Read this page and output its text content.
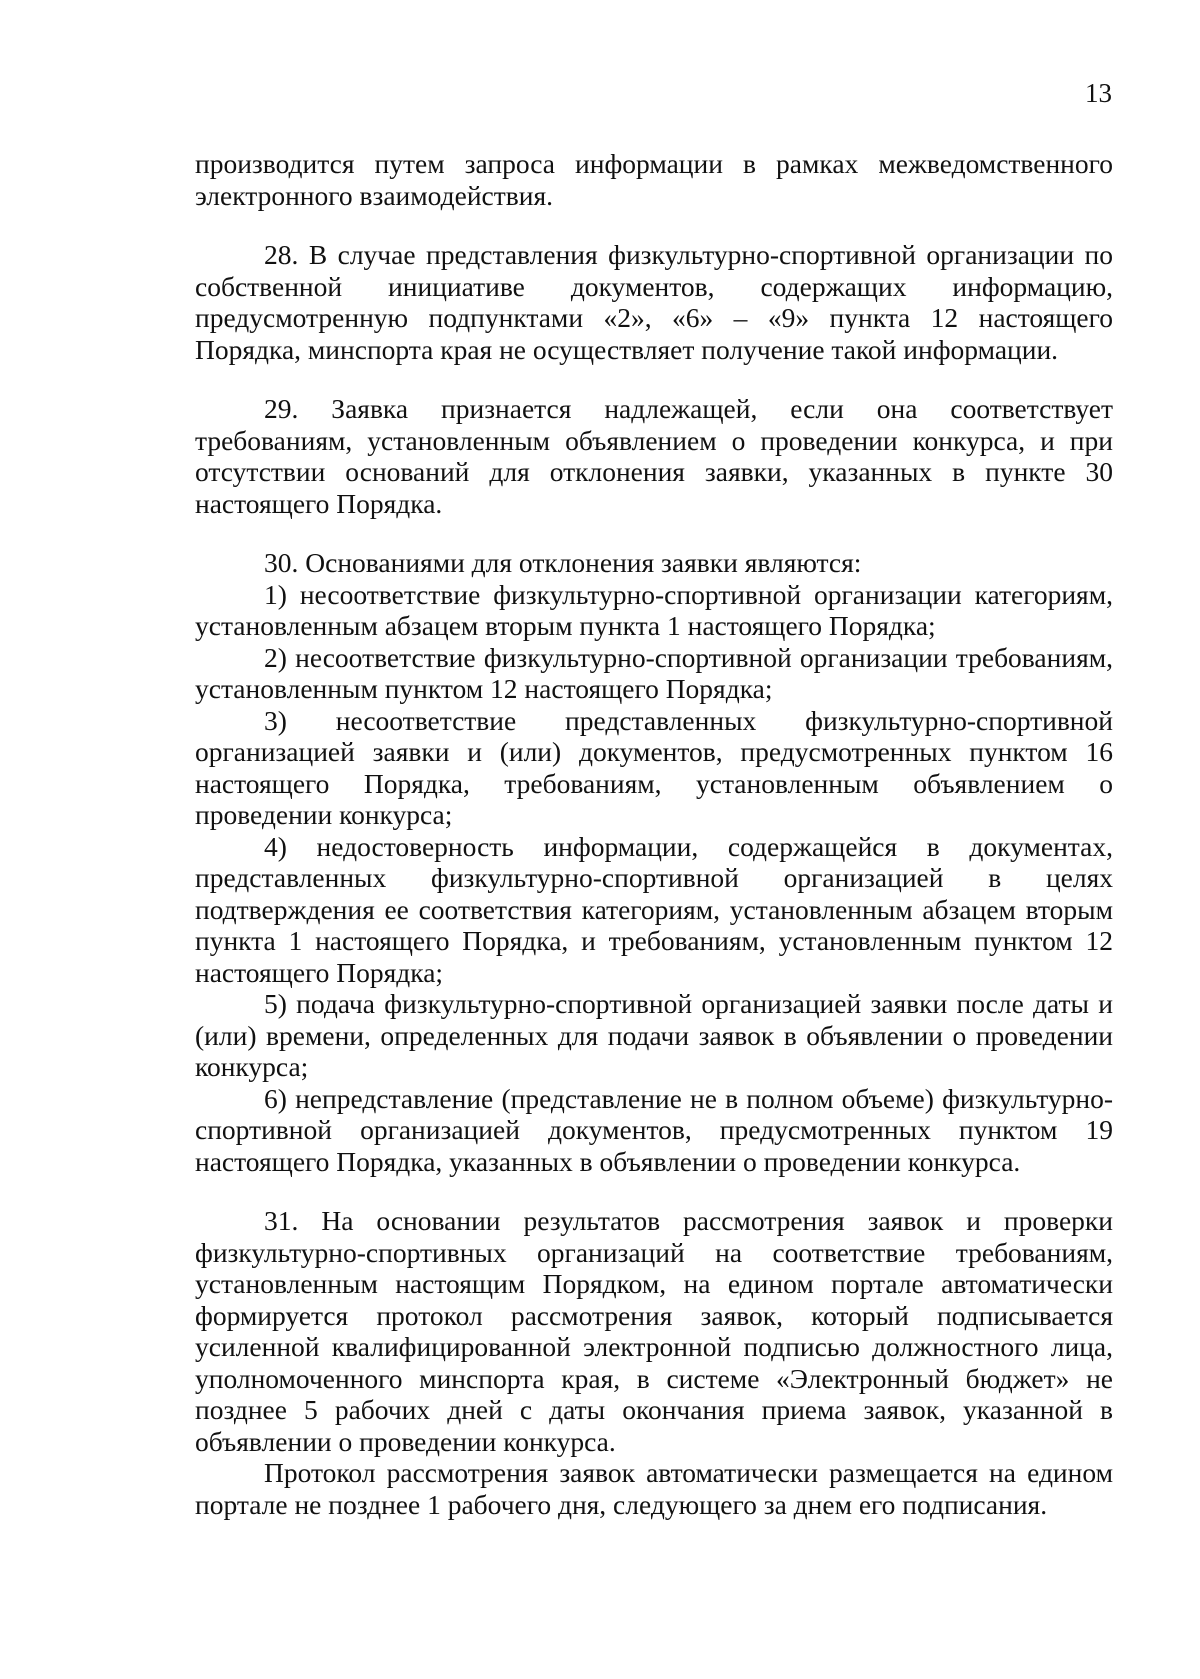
13

производится путем запроса информации в рамках межведомственного электронного взаимодействия.

28. В случае представления физкультурно-спортивной организации по собственной инициативе документов, содержащих информацию, предусмотренную подпунктами «2», «6» – «9» пункта 12 настоящего Порядка, минспорта края не осуществляет получение такой информации.

29. Заявка признается надлежащей, если она соответствует требованиям, установленным объявлением о проведении конкурса, и при отсутствии оснований для отклонения заявки, указанных в пункте 30 настоящего Порядка.

30. Основаниями для отклонения заявки являются:

1) несоответствие физкультурно-спортивной организации категориям, установленным абзацем вторым пункта 1 настоящего Порядка;

2) несоответствие физкультурно-спортивной организации требованиям, установленным пунктом 12 настоящего Порядка;

3) несоответствие представленных физкультурно-спортивной организацией заявки и (или) документов, предусмотренных пунктом 16 настоящего Порядка, требованиям, установленным объявлением о проведении конкурса;

4) недостоверность информации, содержащейся в документах, представленных физкультурно-спортивной организацией в целях подтверждения ее соответствия категориям, установленным абзацем вторым пункта 1 настоящего Порядка, и требованиям, установленным пунктом 12 настоящего Порядка;

5) подача физкультурно-спортивной организацией заявки после даты и (или) времени, определенных для подачи заявок в объявлении о проведении конкурса;

6) непредставление (представление не в полном объеме) физкультурно-спортивной организацией документов, предусмотренных пунктом 19 настоящего Порядка, указанных в объявлении о проведении конкурса.

31. На основании результатов рассмотрения заявок и проверки физкультурно-спортивных организаций на соответствие требованиям, установленным настоящим Порядком, на едином портале автоматически формируется протокол рассмотрения заявок, который подписывается усиленной квалифицированной электронной подписью должностного лица, уполномоченного минспорта края, в системе «Электронный бюджет» не позднее 5 рабочих дней с даты окончания приема заявок, указанной в объявлении о проведении конкурса.

Протокол рассмотрения заявок автоматически размещается на едином портале не позднее 1 рабочего дня, следующего за днем его подписания.
